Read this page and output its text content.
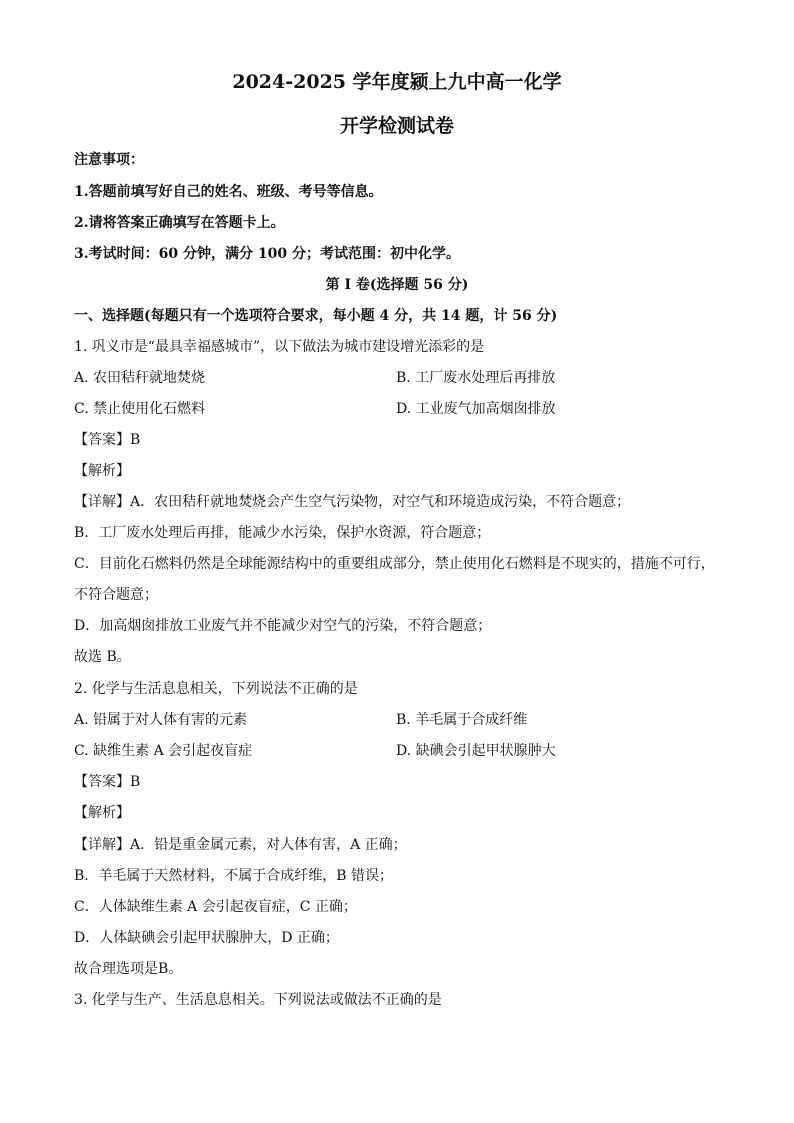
2024-2025 学年度颍上九中高一化学
开学检测试卷
注意事项：
1.答题前填写好自己的姓名、班级、考号等信息。
2.请将答案正确填写在答题卡上。
3.考试时间：60 分钟，满分 100 分；考试范围：初中化学。
第 I 卷(选择题 56 分)
一、选择题(每题只有一个选项符合要求，每小题 4 分，共 14 题，计 56 分)
1. 巩义市是“最具幸福感城市”，以下做法为城市建设增光添彩的是
A. 农田秸秆就地焚烧	B. 工厂废水处理后再排放
C. 禁止使用化石燃料	D. 工业废气加高烟囱排放
【答案】B
【解析】
【详解】A．农田秸秆就地焚烧会产生空气污染物，对空气和环境造成污染，不符合题意；
B．工厂废水处理后再排，能减少水污染，保护水资源，符合题意；
C．目前化石燃料仍然是全球能源结构中的重要组成部分，禁止使用化石燃料是不现实的，措施不可行，不符合题意；
D．加高烟囱排放工业废气并不能减少对空气的污染，不符合题意；
故选 B。
2. 化学与生活息息相关，下列说法不正确的是
A. 铅属于对人体有害的元素	B. 羊毛属于合成纤维
C. 缺维生素 A 会引起夜盲症	D. 缺碘会引起甲状腺肿大
【答案】B
【解析】
【详解】A．铅是重金属元素，对人体有害，A 正确；
B．羊毛属于天然材料，不属于合成纤维，B 错误；
C．人体缺维生素 A 会引起夜盲症，C 正确；
D．人体缺碘会引起甲状腺肿大，D 正确；
故合理选项是B。
3. 化学与生产、生活息息相关。下列说法或做法不正确的是
